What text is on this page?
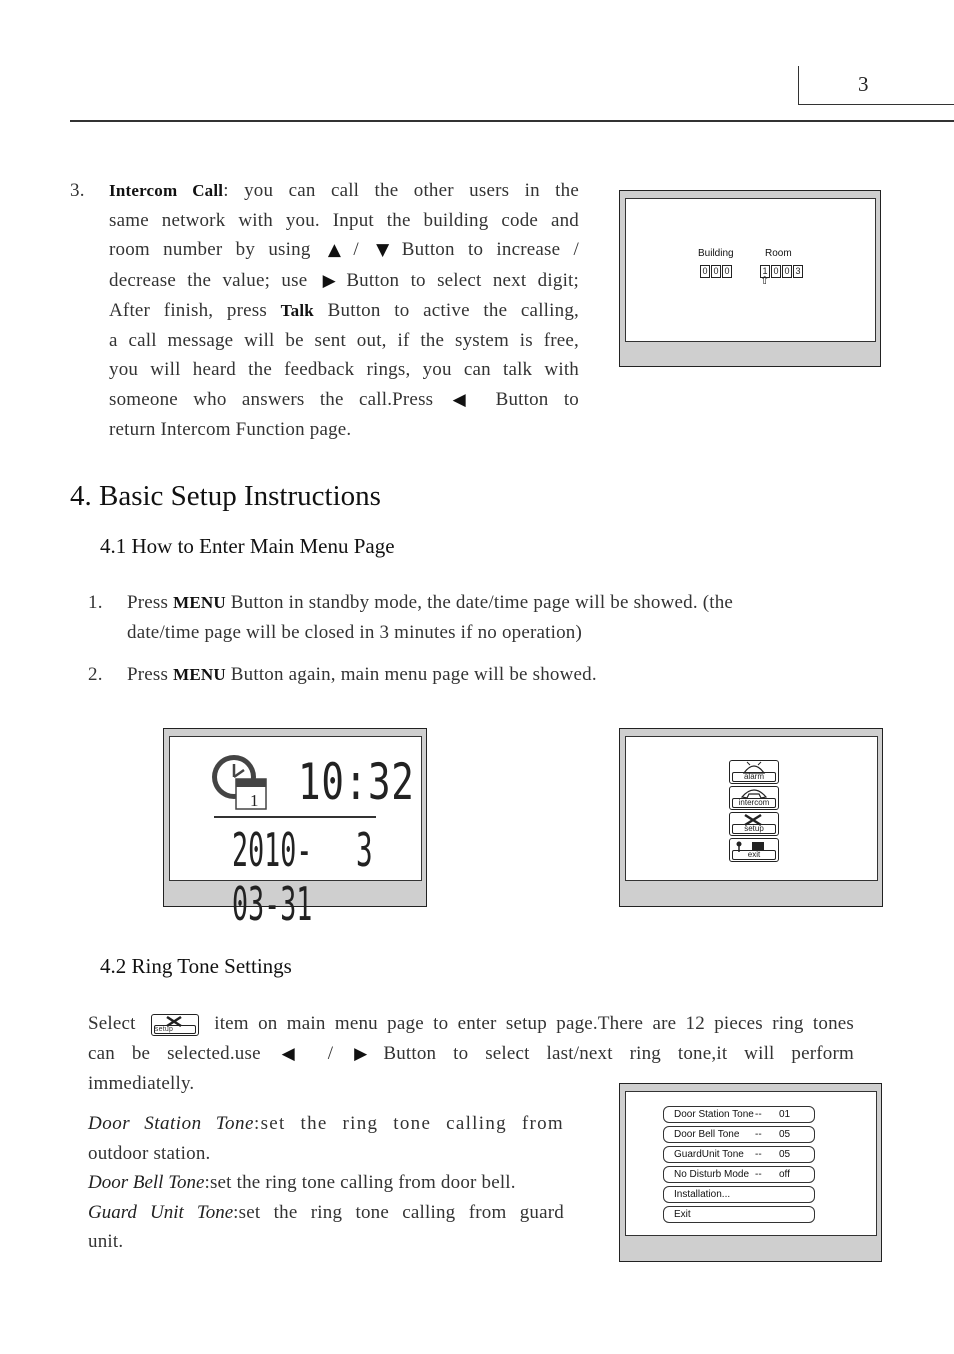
3
3. Intercom Call: you can call the other users in the
same network with you. Input the building code and
room number by using ▲ / ▼ Button to increase /
decrease the value; use ▶ Button to select next digit;
After finish, press Talk Button to active the calling,
a call message will be sent out, if the system is free,
you will heard the feedback rings, you can talk with
someone who answers the call.Press ◀ Button to
return Intercom Function page.
Building	Room
0 0 0	1 0 0 3
⇧
4. Basic Setup Instructions
4.1 How to Enter Main Menu Page
1. Press MENU Button in standby mode, the date/time page will be showed. (the
date/time page will be closed in 3 minutes if no operation)
2. Press MENU Button again, main menu page will be showed.
1 10:32
2010-03-31
3
alarm
intercom
setup
exit
4.2 Ring Tone Settings
Select	setup	item on main menu page to enter setup page.There are 12 pieces ring tones
can be selected.use ◀ / ▶ Button to select last/next ring tone,it will perform
immediatelly.
Door Station Tone:set the ring tone calling from
outdoor station.
Door Bell Tone:set the ring tone calling from door bell.
Guard Unit Tone:set the ring tone calling from guard
unit.
Door Station Tone -- 01
Door Bell Tone -- 05
GuardUnit Tone -- 05
No Disturb Mode -- off
Installation...
Exit
